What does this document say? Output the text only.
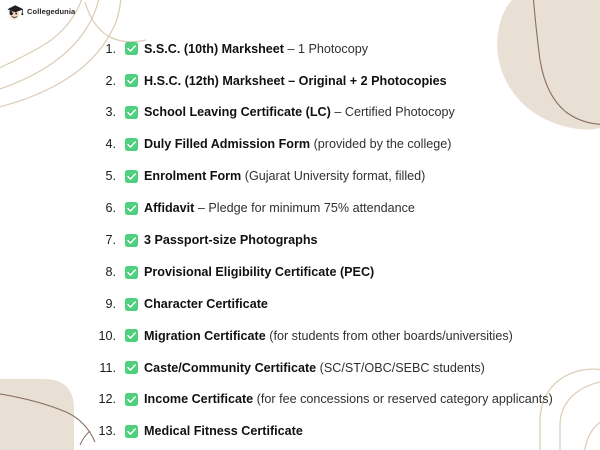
Collegedunia
1. S.S.C. (10th) Marksheet – 1 Photocopy
2. H.S.C. (12th) Marksheet – Original + 2 Photocopies
3. School Leaving Certificate (LC) – Certified Photocopy
4. Duly Filled Admission Form (provided by the college)
5. Enrolment Form (Gujarat University format, filled)
6. Affidavit – Pledge for minimum 75% attendance
7. 3 Passport-size Photographs
8. Provisional Eligibility Certificate (PEC)
9. Character Certificate
10. Migration Certificate (for students from other boards/universities)
11. Caste/Community Certificate (SC/ST/OBC/SEBC students)
12. Income Certificate (for fee concessions or reserved category applicants)
13. Medical Fitness Certificate
